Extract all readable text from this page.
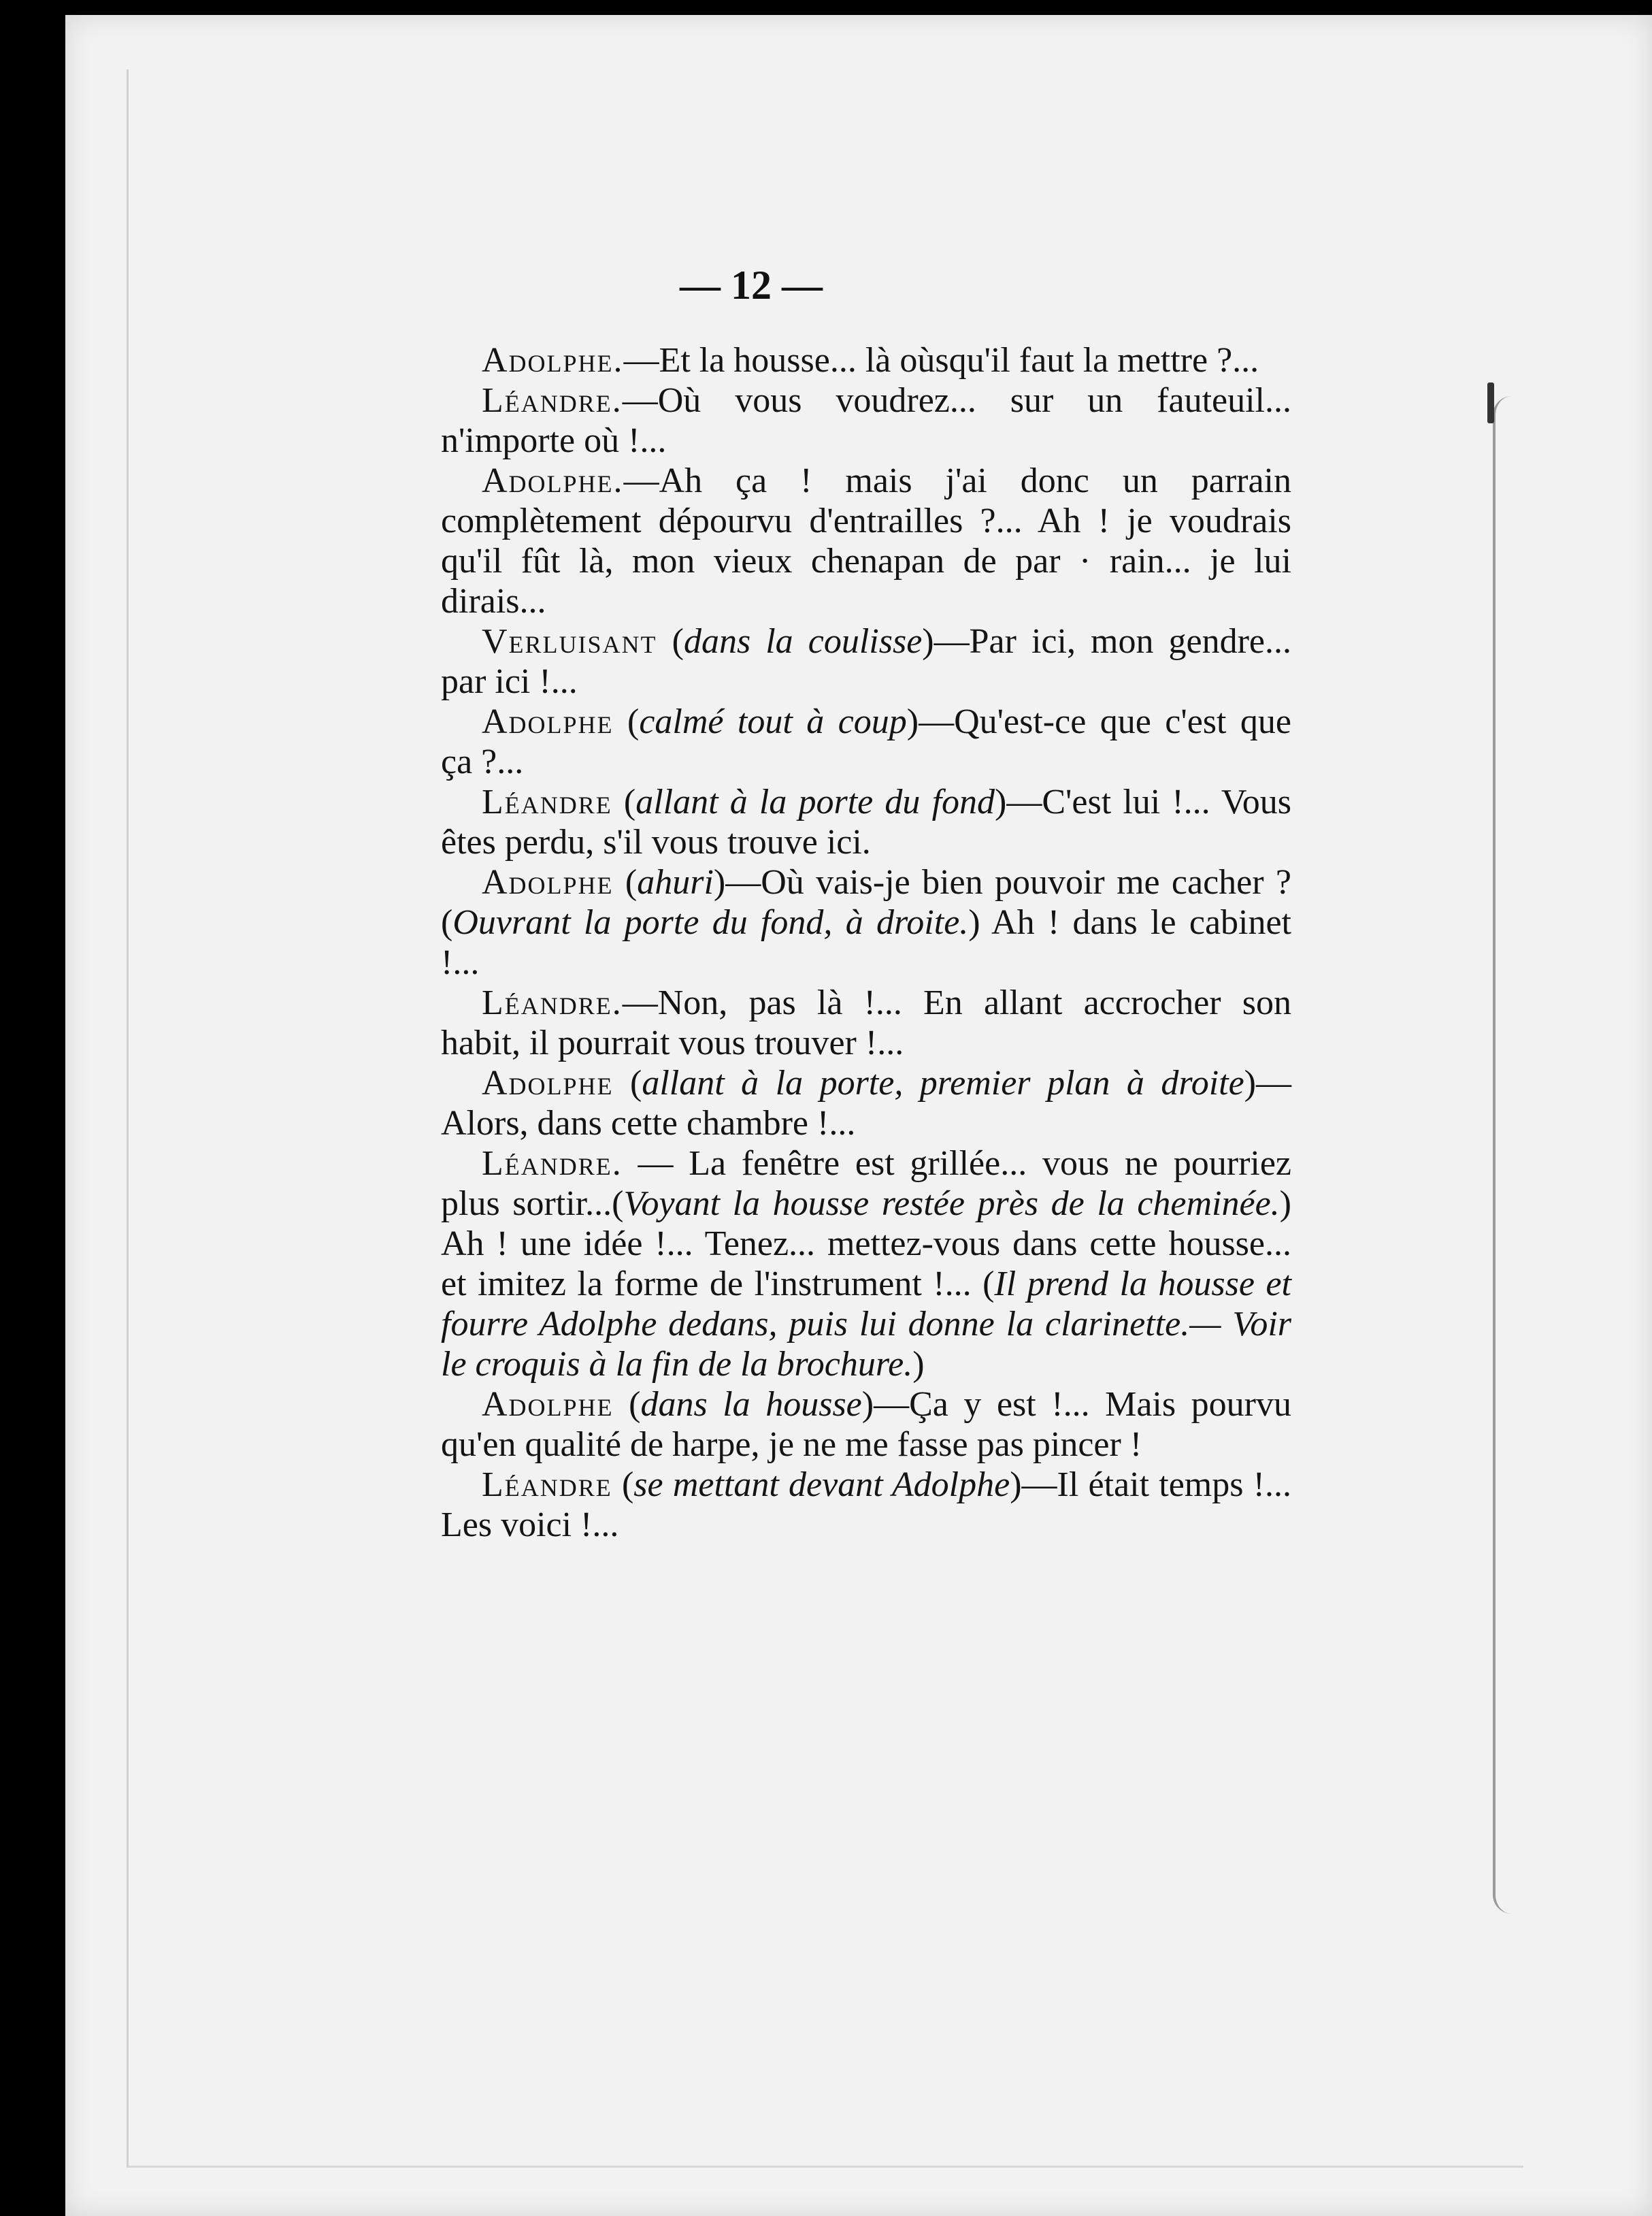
— 12 —

Adolphe.—Et la housse... là oùsqu'il faut la mettre ?...

Léandre.—Où vous voudrez... sur un fauteuil... n'importe où !...

Adolphe.—Ah ça ! mais j'ai donc un parrain complètement dépourvu d'entrailles ?... Ah ! je voudrais qu'il fût là, mon vieux chenapan de par · rain... je lui dirais...

Verluisant (dans la coulisse)—Par ici, mon gendre... par ici !...

Adolphe (calmé tout à coup)—Qu'est-ce que c'est que ça ?...

Léandre (allant à la porte du fond)—C'est lui !... Vous êtes perdu, s'il vous trouve ici.

Adolphe (ahuri)—Où vais-je bien pouvoir me cacher ? (Ouvrant la porte du fond, à droite.) Ah ! dans le cabinet !...

Léandre.—Non, pas là !... En allant accrocher son habit, il pourrait vous trouver !...

Adolphe (allant à la porte, premier plan à droite)—Alors, dans cette chambre !...

Léandre. — La fenêtre est grillée... vous ne pourriez plus sortir...(Voyant la housse restée près de la cheminée.) Ah ! une idée !... Tenez... mettez-vous dans cette housse... et imitez la forme de l'instrument !... (Il prend la housse et fourre Adolphe dedans, puis lui donne la clarinette.— Voir le croquis à la fin de la brochure.)

Adolphe (dans la housse)—Ça y est !... Mais pourvu qu'en qualité de harpe, je ne me fasse pas pincer !

Léandre (se mettant devant Adolphe)—Il était temps !... Les voici !...
